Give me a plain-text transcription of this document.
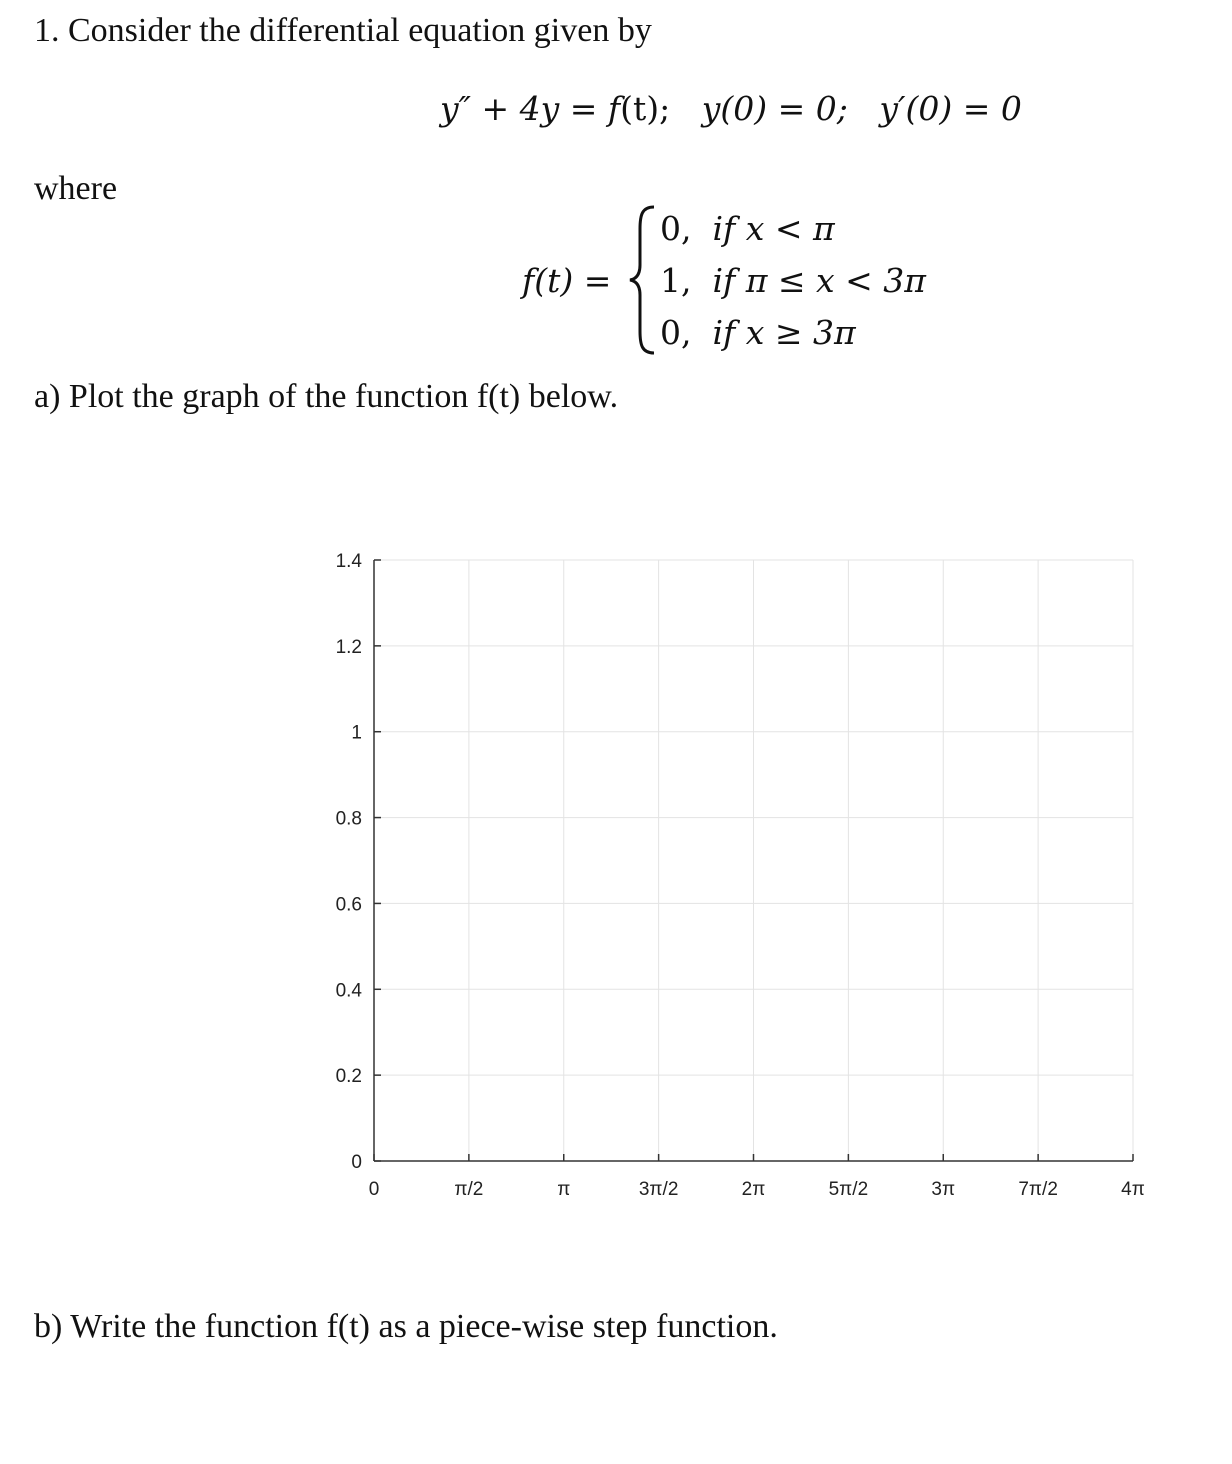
1. Consider the differential equation given by
y″ + 4y = f(t); y(0) = 0; y′(0) = 0
where
f(t) =
0, if x < π
1, if π ≤ x < 3π
0, if x ≥ 3π
a) Plot the graph of the function f(t) below.
0
0.2
0.4
0.6
0.8
1
1.2
1.4
0	π/2	π	3π/2	2π	5π/2	3π	7π/2	4π
b) Write the function f(t) as a piece-wise step function.
